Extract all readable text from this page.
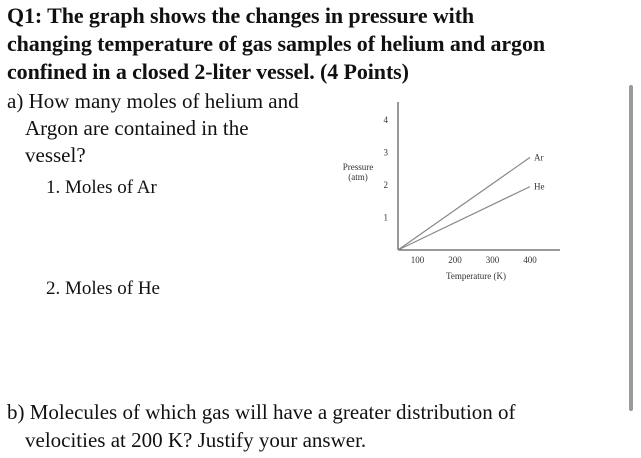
Q1: The graph shows the changes in pressure with
changing temperature of gas samples of helium and argon
confined in a closed 2-liter vessel. (4 Points)
a) How many moles of helium and
Argon are contained in the
vessel?
1. Moles of Ar
2. Moles of He
Pressure
(atm)
Temperature (K)
100	200	300	400
1
2
3
4
Ar
He
b) Molecules of which gas will have a greater distribution of
velocities at 200 K? Justify your answer.
